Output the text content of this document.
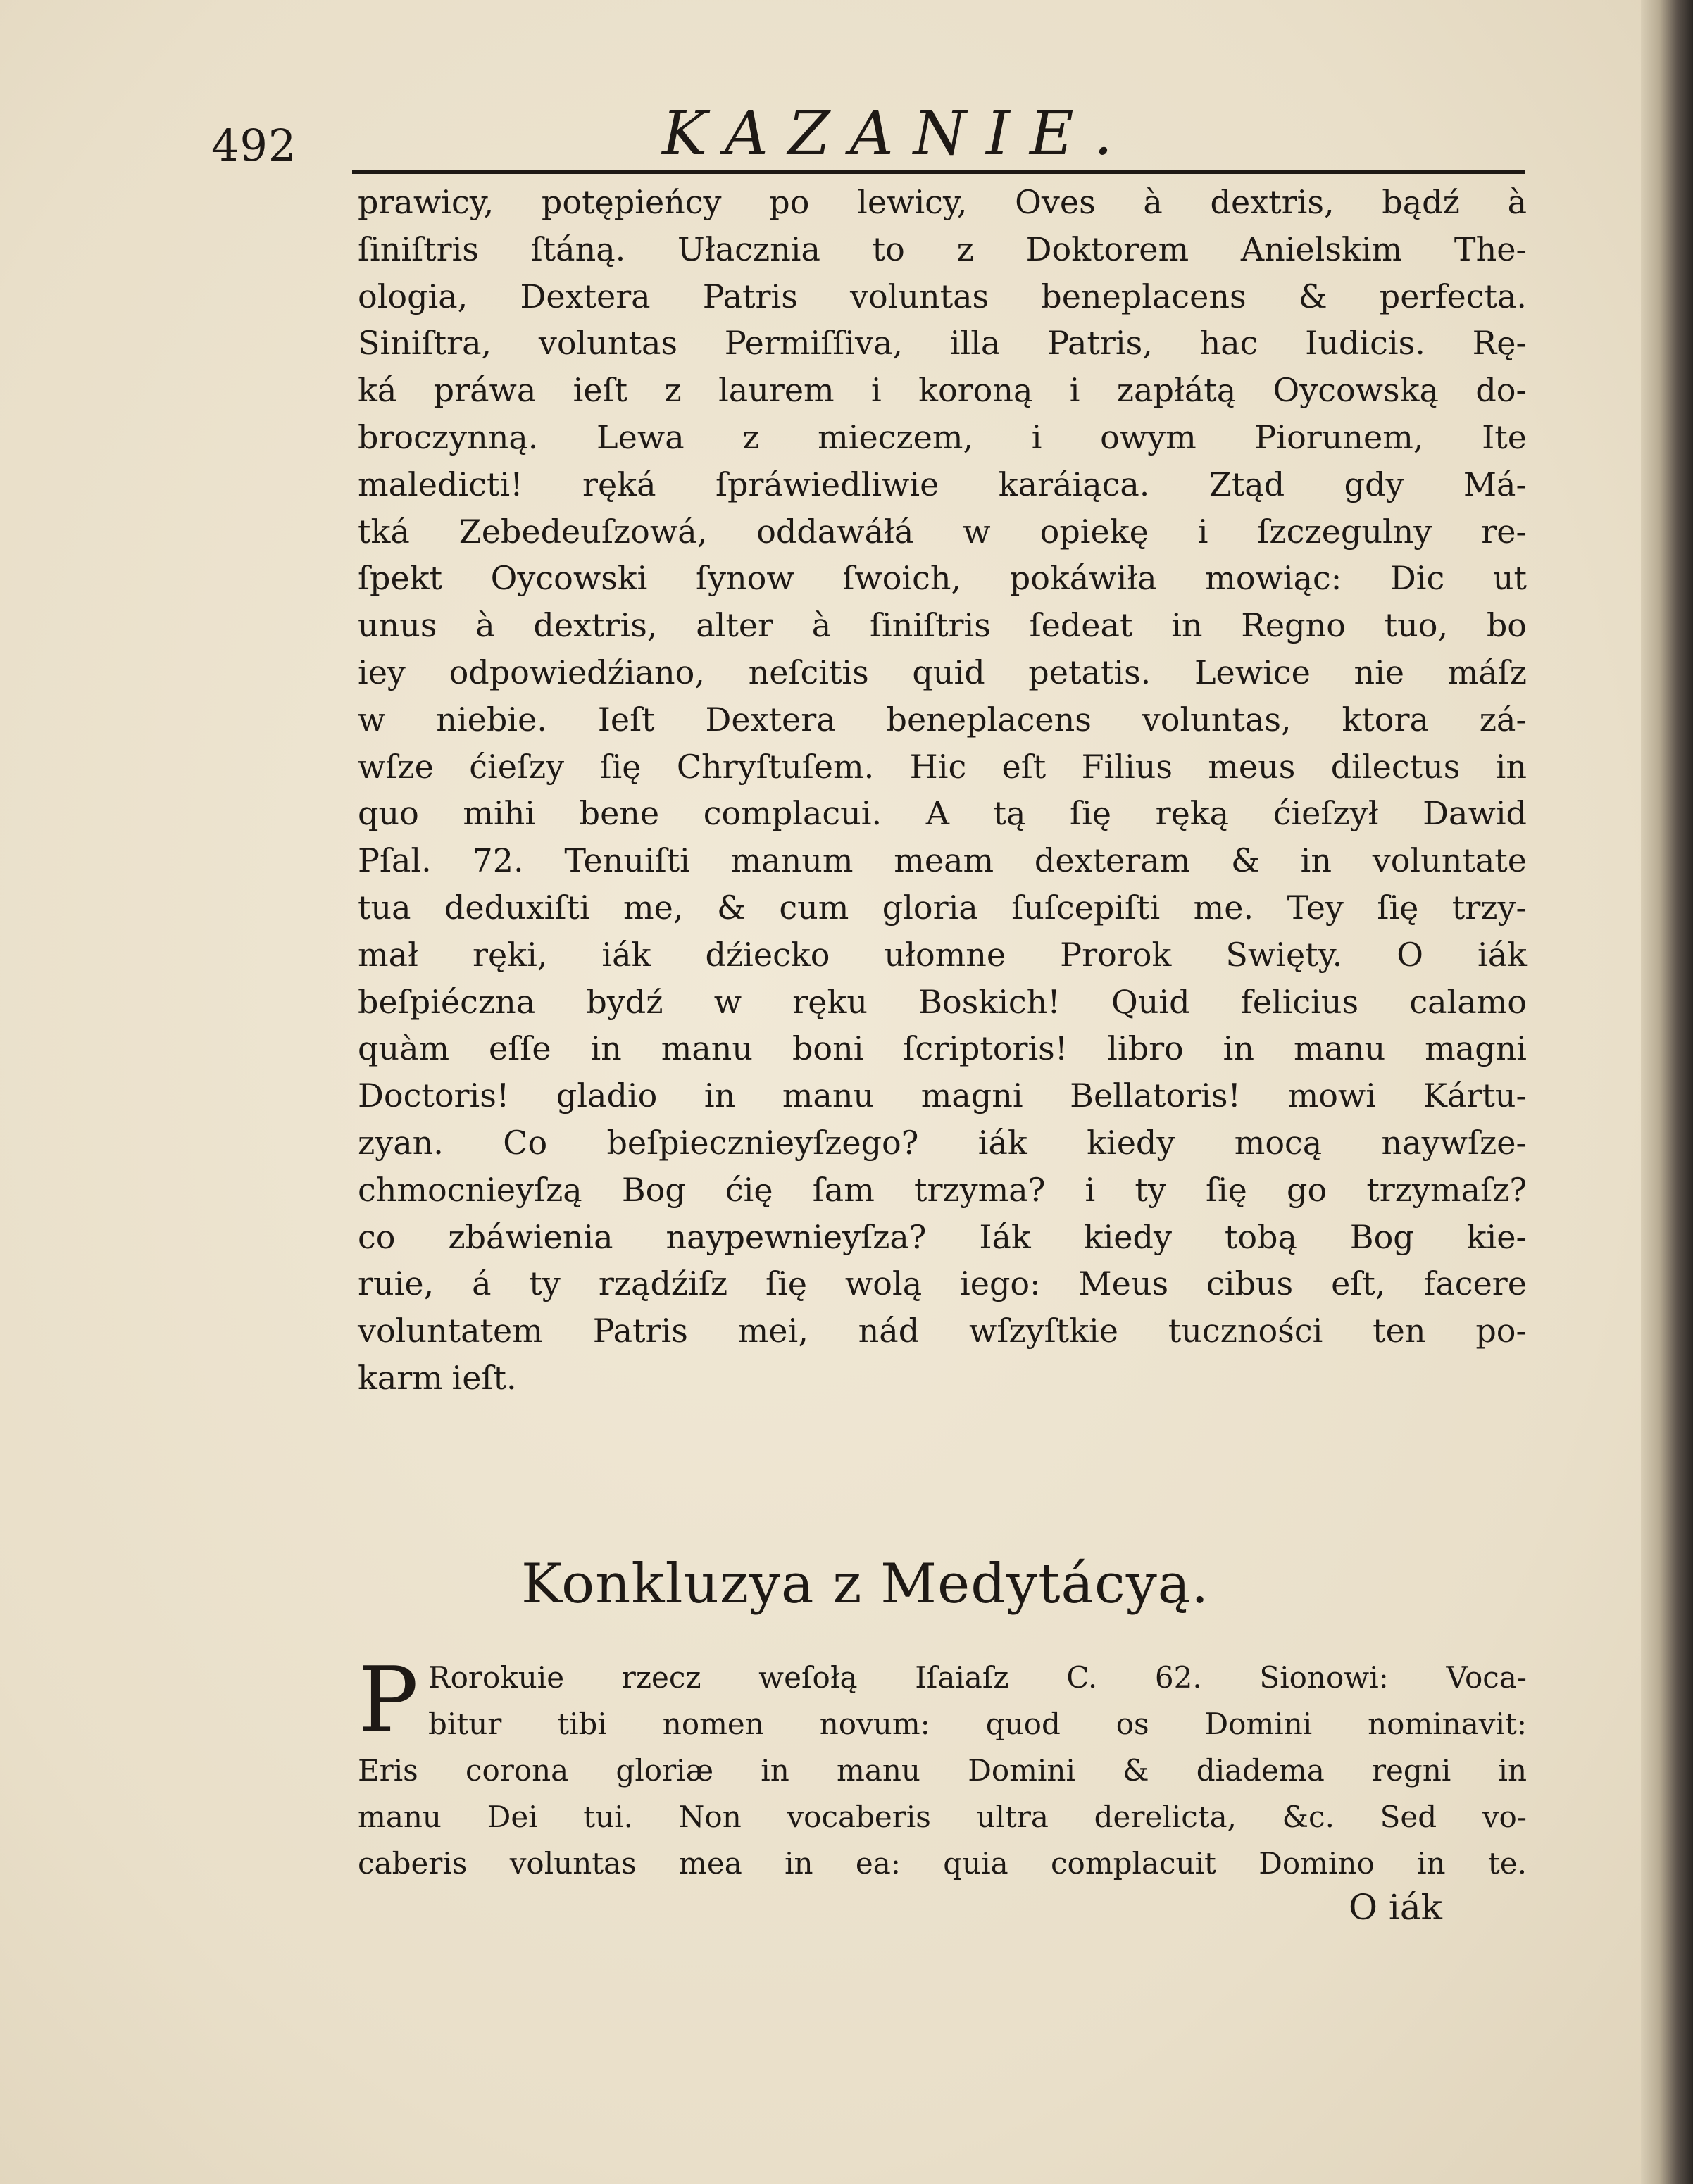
492	KAZANIE.
prawicy, potępieńcy po lewicy, Oves à dextris, bądź à
ſiniſtris ſtáną. Ułacznia to z Doktorem Anielskim The-
ologia, Dextera Patris voluntas beneplacens & perfecta.
Siniſtra, voluntas Permiſſiva, illa Patris, hac Iudicis. Rę-
ká práwa ieſt z laurem i koroną i zapłátą Oycowską do-
broczynną. Lewa z mieczem, i owym Piorunem, Ite
maledicti! ręká ſpráwiedliwie karáiąca. Ztąd gdy Má-
tká Zebedeuſzowá, oddawáłá w opiekę i ſzczegulny re-
ſpekt Oycowski ſynow ſwoich, pokáwiła mowiąc: Dic ut
unus à dextris, alter à ſiniſtris ſedeat in Regno tuo, bo
iey odpowiedźiano, neſcitis quid petatis. Lewice nie máſz
w niebie. Ieſt Dextera beneplacens voluntas, ktora zá-
wſze ćieſzy ſię Chryſtuſem. Hic eſt Filius meus dilectus in
quo mihi bene complacui. A tą ſię ręką ćieſzył Dawid
Pſal. 72. Tenuiſti manum meam dexteram & in voluntate
tua deduxiſti me, & cum gloria ſuſcepiſti me. Tey ſię trzy-
mał ręki, iák dźiecko ułomne Prorok Swięty. O iák
beſpiéczna bydź w ręku Boskich! Quid felicius calamo
quàm eſſe in manu boni ſcriptoris! libro in manu magni
Doctoris! gladio in manu magni Bellatoris! mowi Kártu-
zyan. Co beſpiecznieyſzego? iák kiedy mocą naywſze-
chmocnieyſzą Bog ćię ſam trzyma? i ty ſię go trzymaſz?
co zbáwienia naypewnieyſza? Iák kiedy tobą Bog kie-
ruie, á ty rządźiſz ſię wolą iego: Meus cibus eſt, facere
voluntatem Patris mei, nád wſzyſtkie tuczności ten po-
karm ieſt.
Konkluzya z Medytácyą.
P Rorokuie rzecz weſołą Iſaiaſz C. 62. Sionowi: Voca-
bitur tibi nomen novum: quod os Domini nominavit:
Eris corona gloriæ in manu Domini & diadema regni in
manu Dei tui. Non vocaberis ultra derelicta, &c. Sed vo-
caberis voluntas mea in ea: quia complacuit Domino in te.
O iák
